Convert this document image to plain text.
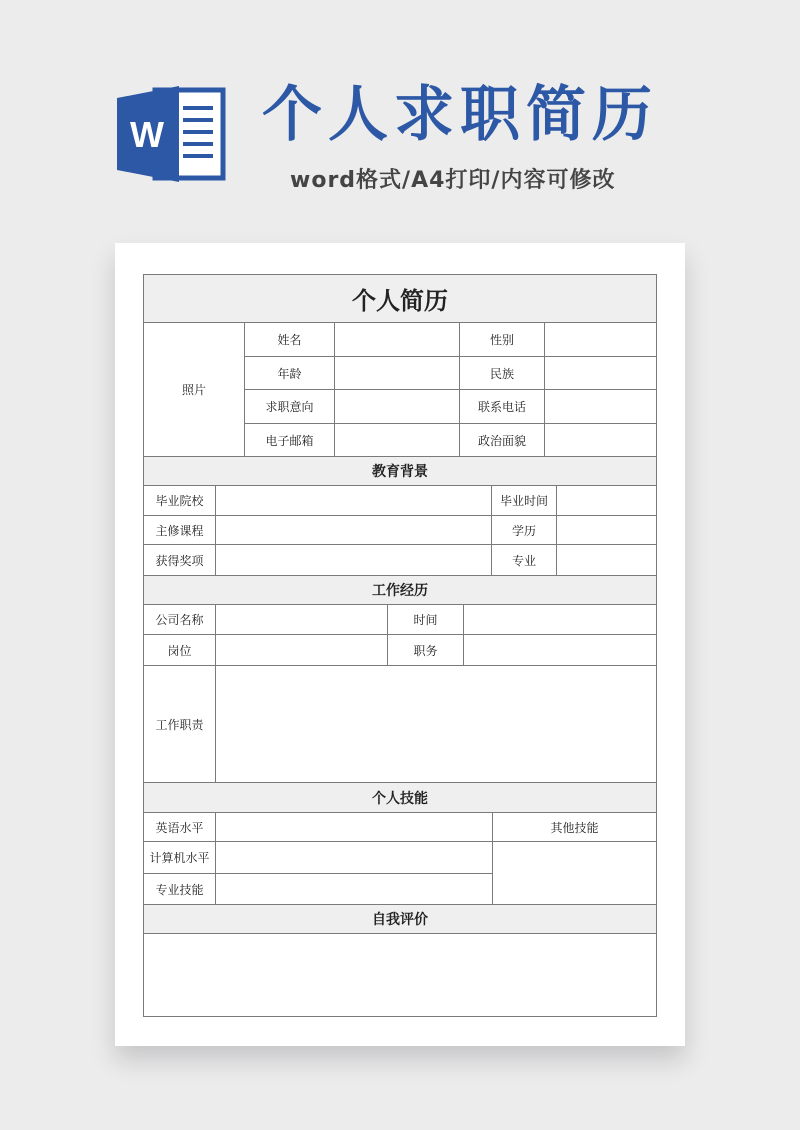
W 个人求职简历
word格式/A4打印/内容可修改
个人简历
照片
姓名	性别
年龄	民族
求职意向	联系电话
电子邮箱	政治面貌
教育背景
毕业院校	毕业时间
主修课程	学历
获得奖项	专业
工作经历
公司名称	时间
岗位	职务
工作职责
个人技能
英语水平	其他技能
计算机水平
专业技能
自我评价
